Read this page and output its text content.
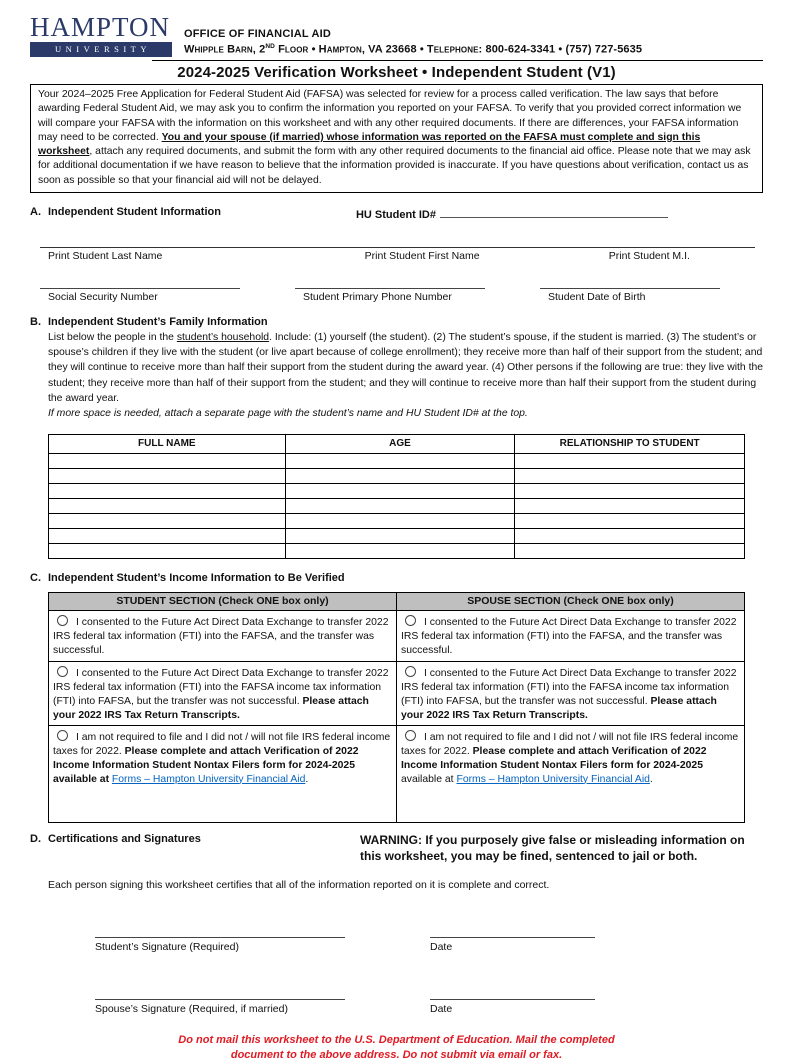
HAMPTON
UNIVERSITY
OFFICE OF FINANCIAL AID
Whipple Barn, 2ND Floor • Hampton, VA 23668 • Telephone: 800-624-3341 • (757) 727-5635
2024-2025 Verification Worksheet • Independent Student (V1)
Your 2024–2025 Free Application for Federal Student Aid (FAFSA) was selected for review for a process called verification. The law says that before awarding Federal Student Aid, we may ask you to confirm the information you reported on your FAFSA. To verify that you provided correct information we will compare your FAFSA with the information on this worksheet and with any other required documents. If there are differences, your FAFSA information may need to be corrected. You and your spouse (if married) whose information was reported on the FAFSA must complete and sign this worksheet, attach any required documents, and submit the form with any other required documents to the financial aid office. Please note that we may ask for additional documentation if we have reason to believe that the information provided is inaccurate. If you have questions about verification, contact us as soon as possible so that your financial aid will not be delayed.
A. Independent Student Information	HU Student ID#
Print Student Last Name	Print Student First Name	Print Student M.I.
Social Security Number	Student Primary Phone Number	Student Date of Birth
B. Independent Student’s Family Information
List below the people in the student’s household. Include: (1) yourself (the student). (2) The student’s spouse, if the student is married. (3) The student’s or spouse’s children if they live with the student (or live apart because of college enrollment); they receive more than half of their support from the student; and they will continue to receive more than half their support from the student during the award year. (4) Other persons if the following are true: they live with the student; they receive more than half of their support from the student; and they will continue to receive more than half their support from the student during the award year.
If more space is needed, attach a separate page with the student’s name and HU Student ID# at the top.
FULL NAME	AGE	RELATIONSHIP TO STUDENT

C. Independent Student’s Income Information to Be Verified
STUDENT SECTION (Check ONE box only)	SPOUSE SECTION (Check ONE box only)
I consented to the Future Act Direct Data Exchange to transfer 2022 IRS federal tax information (FTI) into the FAFSA, and the transfer was successful.	I consented to the Future Act Direct Data Exchange to transfer 2022 IRS federal tax information (FTI) into the FAFSA, and the transfer was successful.
I consented to the Future Act Direct Data Exchange to transfer 2022 IRS federal tax information (FTI) into the FAFSA income tax information (FTI) into FAFSA, but the transfer was not successful. Please attach your 2022 IRS Tax Return Transcripts.	I consented to the Future Act Direct Data Exchange to transfer 2022 IRS federal tax information (FTI) into the FAFSA income tax information (FTI) into FAFSA, but the transfer was not successful. Please attach your 2022 IRS Tax Return Transcripts.
I am not required to file and I did not / will not file IRS federal income taxes for 2022. Please complete and attach Verification of 2022 Income Information Student Nontax Filers form for 2024-2025 available at Forms – Hampton University Financial Aid.	I am not required to file and I did not / will not file IRS federal income taxes for 2022. Please complete and attach Verification of 2022 Income Information Student Nontax Filers form for 2024-2025 available at Forms – Hampton University Financial Aid.
D. Certifications and Signatures	WARNING: If you purposely give false or misleading information on this worksheet, you may be fined, sentenced to jail or both.
Each person signing this worksheet certifies that all of the information reported on it is complete and correct.
Student’s Signature (Required)	Date
Spouse’s Signature (Required, if married)	Date
Do not mail this worksheet to the U.S. Department of Education. Mail the completed
document to the above address. Do not submit via email or fax.
